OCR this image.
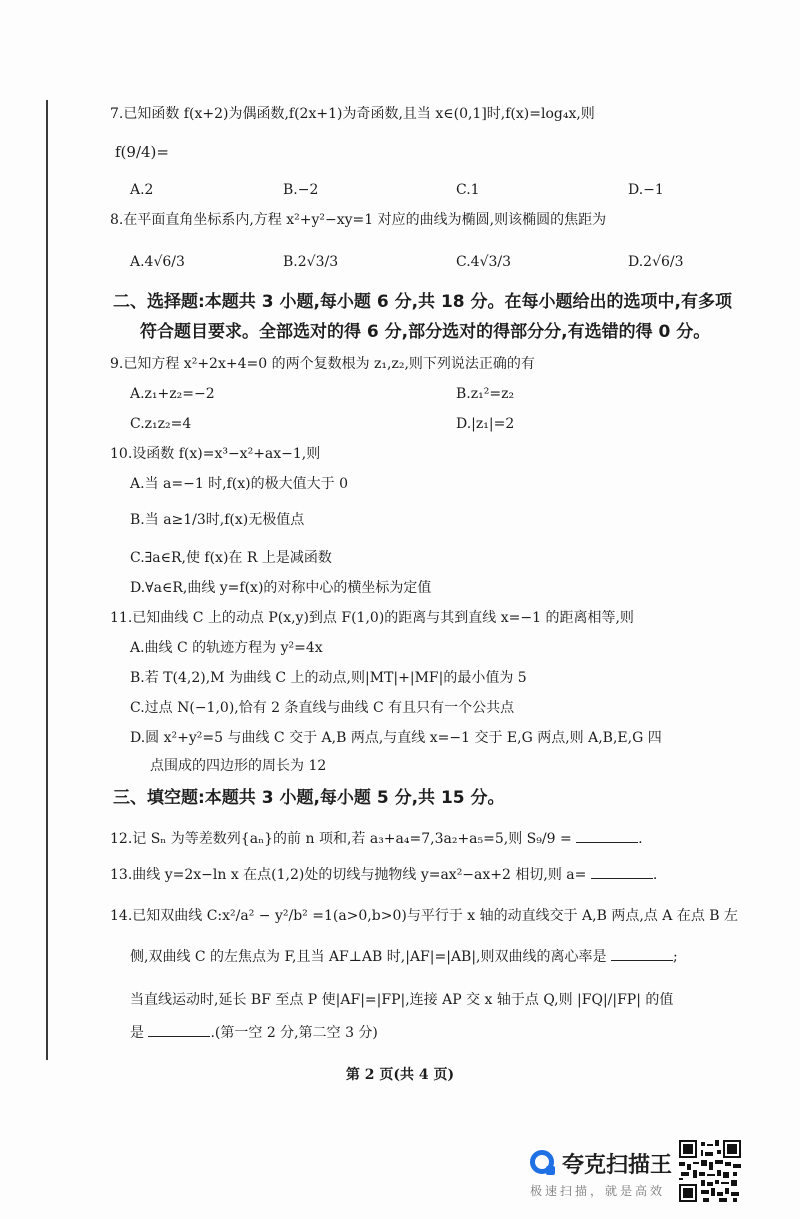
7.已知函数 f(x+2)为偶函数,f(2x+1)为奇函数,且当 x∈(0,1]时,f(x)=log₄x,则
f(9/4)=
A.2	B.−2	C.1	D.−1
8.在平面直角坐标系内,方程 x²+y²−xy=1 对应的曲线为椭圆,则该椭圆的焦距为
A.4√6/3	B.2√3/3	C.4√3/3	D.2√6/3
二、选择题:本题共 3 小题,每小题 6 分,共 18 分。在每小题给出的选项中,有多项
符合题目要求。全部选对的得 6 分,部分选对的得部分分,有选错的得 0 分。
9.已知方程 x²+2x+4=0 的两个复数根为 z₁,z₂,则下列说法正确的有
A.z₁+z₂=−2	B.z₁²=z₂
C.z₁z₂=4	D.|z₁|=2
10.设函数 f(x)=x³−x²+ax−1,则
A.当 a=−1 时,f(x)的极大值大于 0
B.当 a≥1/3时,f(x)无极值点
C.∃a∈R,使 f(x)在 R 上是减函数
D.∀a∈R,曲线 y=f(x)的对称中心的横坐标为定值
11.已知曲线 C 上的动点 P(x,y)到点 F(1,0)的距离与其到直线 x=−1 的距离相等,则
A.曲线 C 的轨迹方程为 y²=4x
B.若 T(4,2),M 为曲线 C 上的动点,则|MT|+|MF|的最小值为 5
C.过点 N(−1,0),恰有 2 条直线与曲线 C 有且只有一个公共点
D.圆 x²+y²=5 与曲线 C 交于 A,B 两点,与直线 x=−1 交于 E,G 两点,则 A,B,E,G 四
点围成的四边形的周长为 12
三、填空题:本题共 3 小题,每小题 5 分,共 15 分。
12.记 Sₙ 为等差数列{aₙ}的前 n 项和,若 a₃+a₄=7,3a₂+a₅=5,则 S₉/9 =	.
13.曲线 y=2x−ln x 在点(1,2)处的切线与抛物线 y=ax²−ax+2 相切,则 a=	.
14.已知双曲线 C:x²/a² − y²/b² =1(a>0,b>0)与平行于 x 轴的动直线交于 A,B 两点,点 A 在点 B 左
侧,双曲线 C 的左焦点为 F,且当 AF⊥AB 时,|AF|=|AB|,则双曲线的离心率是	;
当直线运动时,延长 BF 至点 P 使|AF|=|FP|,连接 AP 交 x 轴于点 Q,则 |FQ|/|FP| 的值
是	.(第一空 2 分,第二空 3 分)
第 2 页(共 4 页)
夸克扫描王
极速扫描，就是高效
